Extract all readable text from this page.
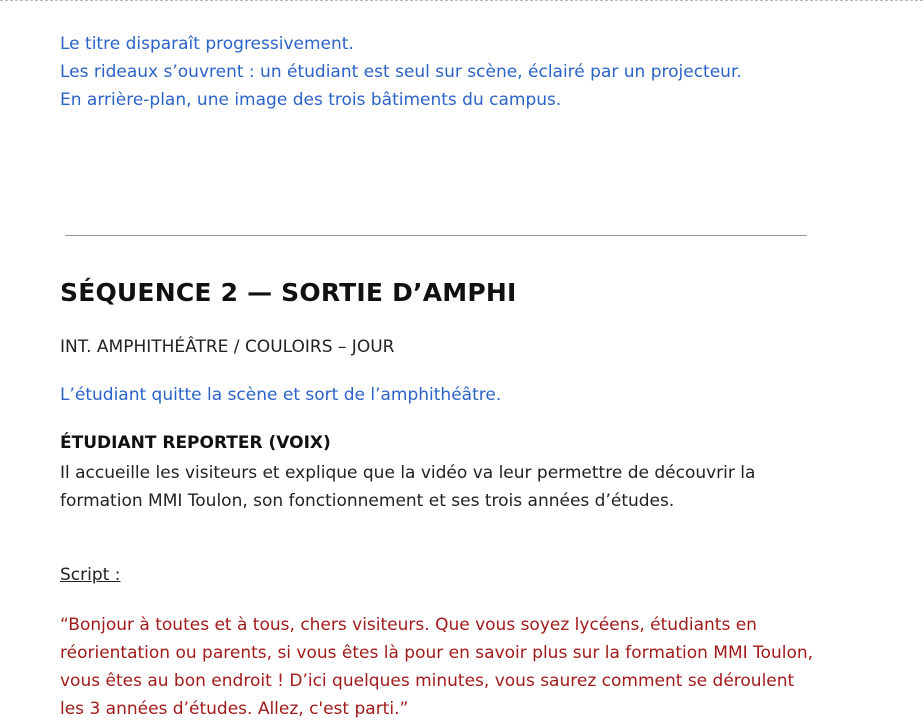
Le titre disparaît progressivement.

Les rideaux s’ouvrent : un étudiant est seul sur scène, éclairé par un projecteur.

En arrière-plan, une image des trois bâtiments du campus.

SÉQUENCE 2 — SORTIE D’AMPHI

INT. AMPHITHÉÂTRE / COULOIRS – JOUR

L’étudiant quitte la scène et sort de l’amphithéâtre.

ÉTUDIANT REPORTER (VOIX)

Il accueille les visiteurs et explique que la vidéo va leur permettre de découvrir la formation MMI Toulon, son fonctionnement et ses trois années d’études.

Script :

“Bonjour à toutes et à tous, chers visiteurs. Que vous soyez lycéens, étudiants en réorientation ou parents, si vous êtes là pour en savoir plus sur la formation MMI Toulon, vous êtes au bon endroit ! D’ici quelques minutes, vous saurez comment se déroulent les 3 années d’études. Allez, c'est parti.”
